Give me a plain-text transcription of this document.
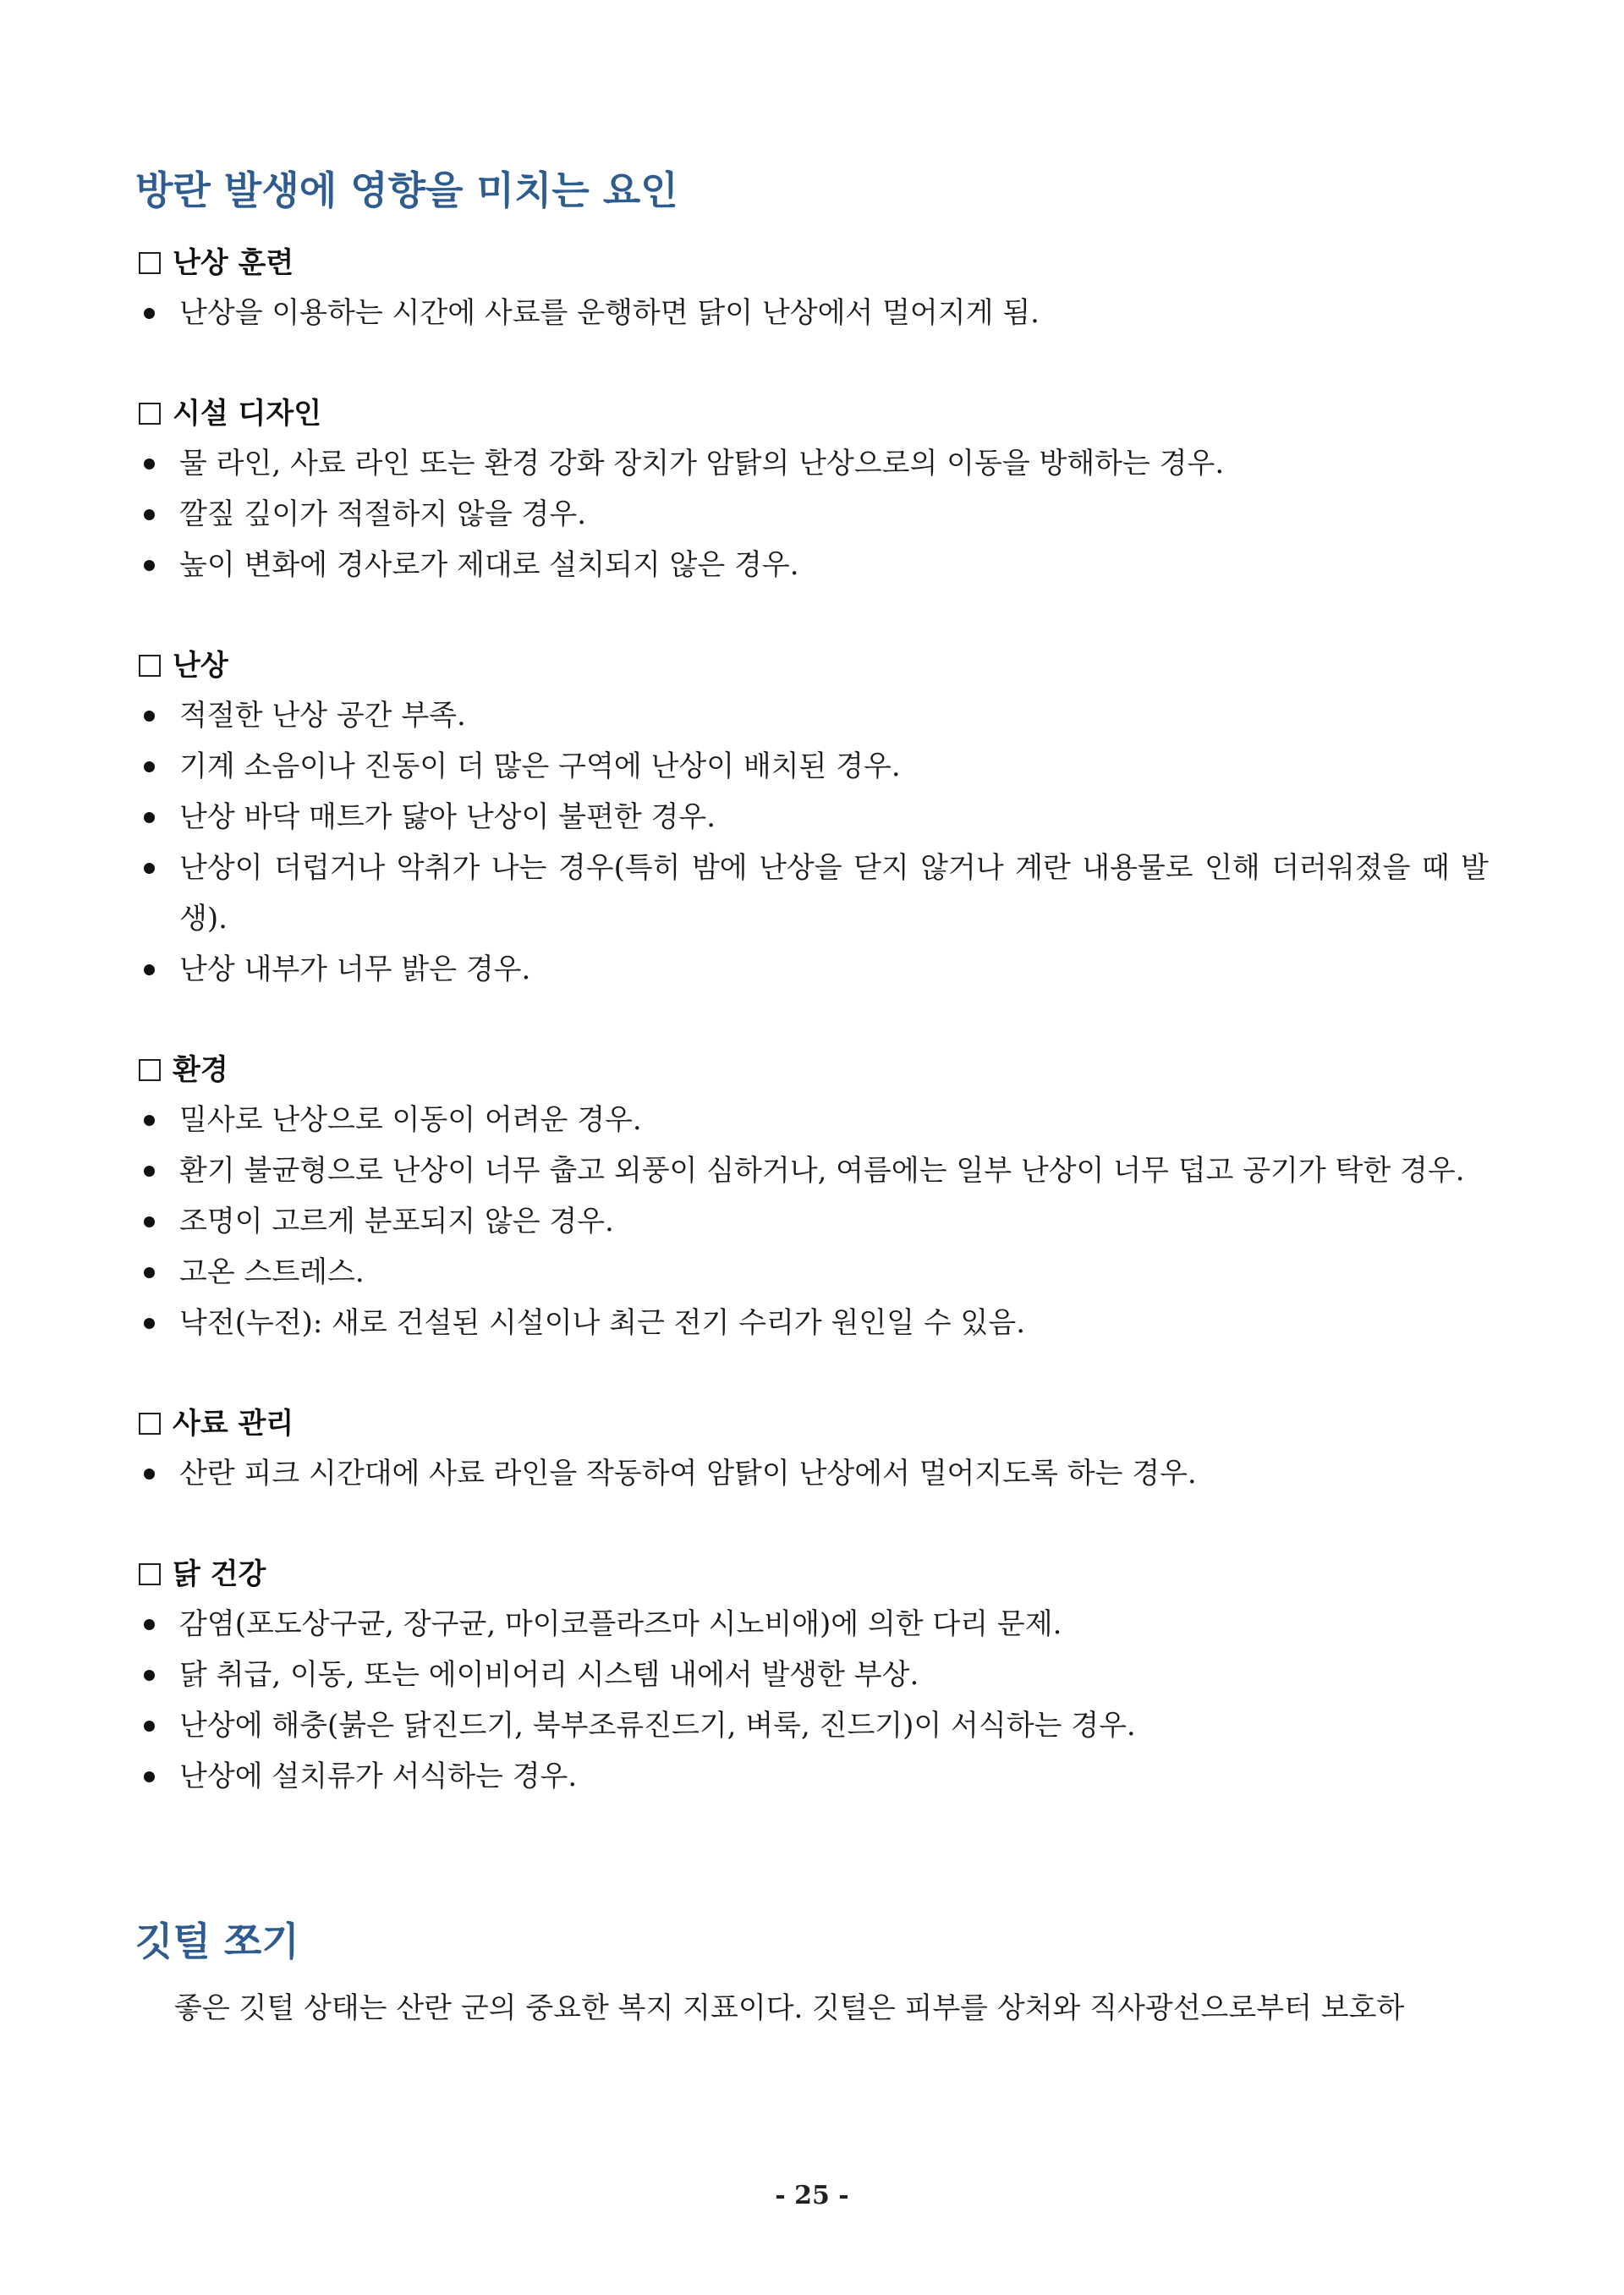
방란 발생에 영향을 미치는 요인
난상 훈련
난상을 이용하는 시간에 사료를 운행하면 닭이 난상에서 멀어지게 됨.
시설 디자인
물 라인, 사료 라인 또는 환경 강화 장치가 암탉의 난상으로의 이동을 방해하는 경우.
깔짚 깊이가 적절하지 않을 경우.
높이 변화에 경사로가 제대로 설치되지 않은 경우.
난상
적절한 난상 공간 부족.
기계 소음이나 진동이 더 많은 구역에 난상이 배치된 경우.
난상 바닥 매트가 닳아 난상이 불편한 경우.
난상이 더럽거나 악취가 나는 경우(특히 밤에 난상을 닫지 않거나 계란 내용물로 인해 더러워졌을 때 발생).
난상 내부가 너무 밝은 경우.
환경
밀사로 난상으로 이동이 어려운 경우.
환기 불균형으로 난상이 너무 춥고 외풍이 심하거나, 여름에는 일부 난상이 너무 덥고 공기가 탁한 경우.
조명이 고르게 분포되지 않은 경우.
고온 스트레스.
낙전(누전): 새로 건설된 시설이나 최근 전기 수리가 원인일 수 있음.
사료 관리
산란 피크 시간대에 사료 라인을 작동하여 암탉이 난상에서 멀어지도록 하는 경우.
닭 건강
감염(포도상구균, 장구균, 마이코플라즈마 시노비애)에 의한 다리 문제.
닭 취급, 이동, 또는 에이비어리 시스템 내에서 발생한 부상.
난상에 해충(붉은 닭진드기, 북부조류진드기, 벼룩, 진드기)이 서식하는 경우.
난상에 설치류가 서식하는 경우.
깃털 쪼기

좋은 깃털 상태는 산란 군의 중요한 복지 지표이다. 깃털은 피부를 상처와 직사광선으로부터 보호하

- 25 -
